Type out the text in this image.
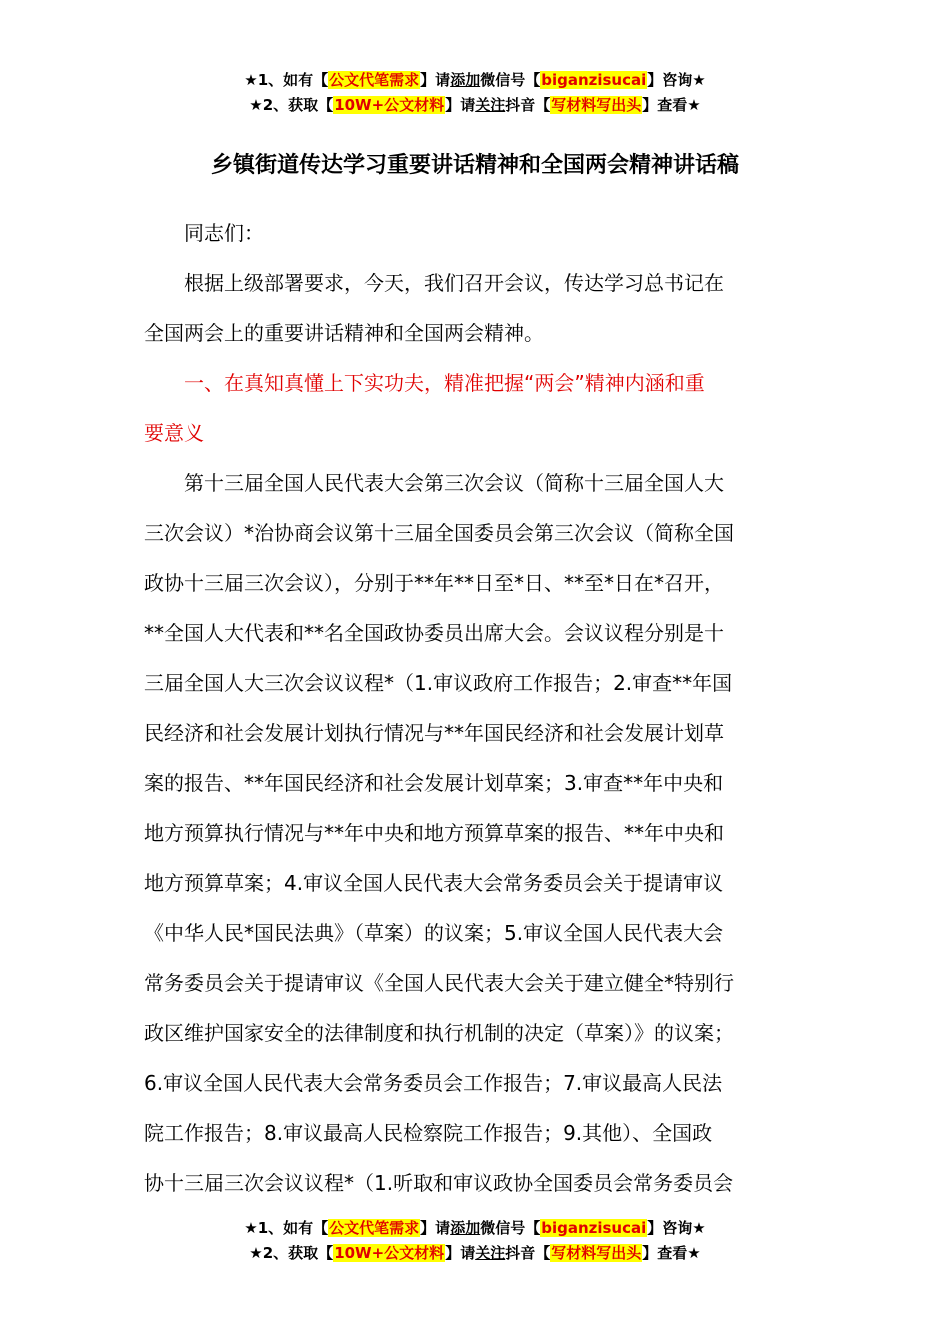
★1、如有【公文代笔需求】请添加微信号【biganzisucai】咨询★
★2、获取【10W+公文材料】请关注抖音【写材料写出头】查看★
乡镇街道传达学习重要讲话精神和全国两会精神讲话稿

　　同志们：

　　根据上级部署要求，今天，我们召开会议，传达学习总书记在

全国两会上的重要讲话精神和全国两会精神。

　　一、在真知真懂上下实功夫，精准把握“两会”精神内涵和重

要意义

　　第十三届全国人民代表大会第三次会议（简称十三届全国人大

三次会议）*治协商会议第十三届全国委员会第三次会议（简称全国

政协十三届三次会议），分别于**年**日至*日、**至*日在*召开，

**全国人大代表和**名全国政协委员出席大会。会议议程分别是十

三届全国人大三次会议议程*（1.审议政府工作报告；2.审查**年国

民经济和社会发展计划执行情况与**年国民经济和社会发展计划草

案的报告、**年国民经济和社会发展计划草案；3.审查**年中央和

地方预算执行情况与**年中央和地方预算草案的报告、**年中央和

地方预算草案；4.审议全国人民代表大会常务委员会关于提请审议

《中华人民*国民法典》（草案）的议案；5.审议全国人民代表大会

常务委员会关于提请审议《全国人民代表大会关于建立健全*特别行

政区维护国家安全的法律制度和执行机制的决定（草案）》的议案；

6.审议全国人民代表大会常务委员会工作报告；7.审议最高人民法

院工作报告；8.审议最高人民检察院工作报告；9.其他）、全国政

协十三届三次会议议程*（1.听取和审议政协全国委员会常务委员会

★1、如有【公文代笔需求】请添加微信号【biganzisucai】咨询★
★2、获取【10W+公文材料】请关注抖音【写材料写出头】查看★
